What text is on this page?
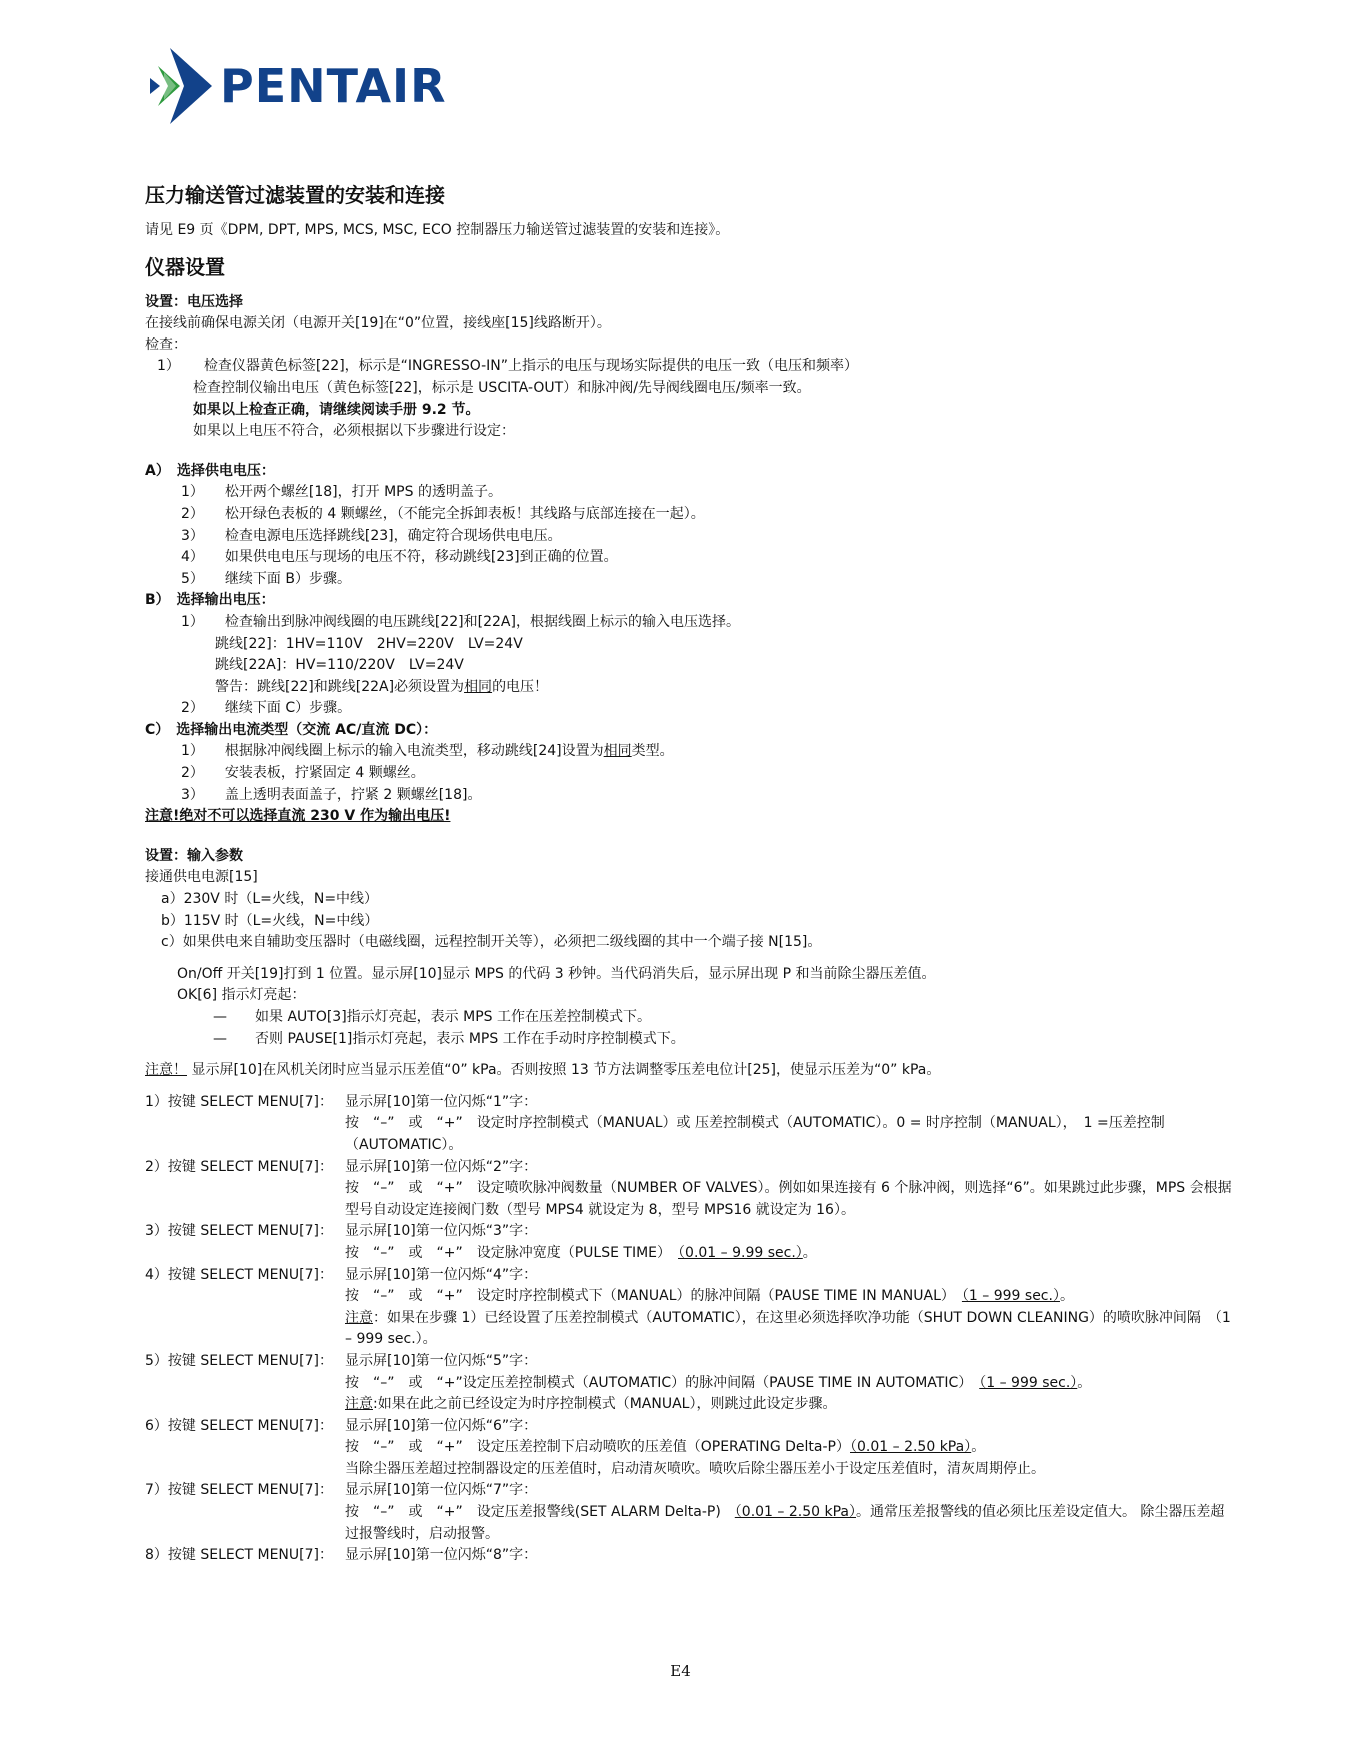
PENTAIR
压力输送管过滤装置的安装和连接
请见 E9 页《DPM, DPT, MPS, MCS, MSC, ECO 控制器压力输送管过滤装置的安装和连接》。
仪器设置
设置：电压选择
在接线前确保电源关闭（电源开关[19]在“0”位置，接线座[15]线路断开）。
检查：
1） 检查仪器黄色标签[22]，标示是“INGRESSO-IN”上指示的电压与现场实际提供的电压一致（电压和频率）
检查控制仪输出电压（黄色标签[22]，标示是 USCITA-OUT）和脉冲阀/先导阀线圈电压/频率一致。
如果以上检查正确，请继续阅读手册 9.2 节。
如果以上电压不符合，必须根据以下步骤进行设定：
A）　选择供电电压：
1）　　松开两个螺丝[18]，打开 MPS 的透明盖子。
2）　　松开绿色表板的 4 颗螺丝，（不能完全拆卸表板！其线路与底部连接在一起）。
3）　　检查电源电压选择跳线[23]，确定符合现场供电电压。
4）　　如果供电电压与现场的电压不符，移动跳线[23]到正确的位置。
5）　　继续下面 B）步骤。
B）　选择输出电压：
1）　　检查输出到脉冲阀线圈的电压跳线[22]和[22A]，根据线圈上标示的输入电压选择。
跳线[22]：1HV=110V　2HV=220V　LV=24V
跳线[22A]：HV=110/220V　LV=24V
警告：跳线[22]和跳线[22A]必须设置为相同的电压！
2）　　继续下面 C）步骤。
C）　选择输出电流类型（交流 AC/直流 DC）：
1）　　根据脉冲阀线圈上标示的输入电流类型，移动跳线[24]设置为相同类型。
2）　　安装表板，拧紧固定 4 颗螺丝。
3）　　盖上透明表面盖子，拧紧 2 颗螺丝[18]。
注意!绝对不可以选择直流 230 V 作为输出电压!
设置：输入参数
接通供电电源[15]
a）230V 时（L=火线，N=中线）
b）115V 时（L=火线，N=中线）
c）如果供电来自辅助变压器时（电磁线圈，远程控制开关等），必须把二级线圈的其中一个端子接 N[15]。
On/Off 开关[19]打到 1 位置。显示屏[10]显示 MPS 的代码 3 秒钟。当代码消失后，显示屏出现 P 和当前除尘器压差值。
OK[6] 指示灯亮起：
—　　如果 AUTO[3]指示灯亮起，表示 MPS 工作在压差控制模式下。
—　　否则 PAUSE[1]指示灯亮起，表示 MPS 工作在手动时序控制模式下。
注意！ 显示屏[10]在风机关闭时应当显示压差值“0” kPa。否则按照 13 节方法调整零压差电位计[25]，使显示压差为“0” kPa。
1）按键 SELECT MENU[7]： 显示屏[10]第一位闪烁“1”字：
按　“–”　或　“+”　设定时序控制模式（MANUAL）或 压差控制模式（AUTOMATIC）。0 = 时序控制（MANUAL），　1 =压差控制（AUTOMATIC）。
2）按键 SELECT MENU[7]： 显示屏[10]第一位闪烁“2”字：
按　“–”　或　“+”　设定喷吹脉冲阀数量（NUMBER OF VALVES）。例如如果连接有 6 个脉冲阀，则选择“6”。如果跳过此步骤，MPS 会根据型号自动设定连接阀门数（型号 MPS4 就设定为 8，型号 MPS16 就设定为 16）。
3）按键 SELECT MENU[7]： 显示屏[10]第一位闪烁“3”字：
按　“–”　或　“+”　设定脉冲宽度（PULSE TIME）　（0.01 – 9.99 sec.）。
4）按键 SELECT MENU[7]： 显示屏[10]第一位闪烁“4”字：
按　“–”　或　“+”　设定时序控制模式下（MANUAL）的脉冲间隔（PAUSE TIME IN MANUAL）　（1 – 999 sec.）。
注意：如果在步骤 1）已经设置了压差控制模式（AUTOMATIC），在这里必须选择吹净功能（SHUT DOWN CLEANING）的喷吹脉冲间隔　（1 – 999 sec.）。
5）按键 SELECT MENU[7]： 显示屏[10]第一位闪烁“5”字：
按　“–”　或　“+”设定压差控制模式（AUTOMATIC）的脉冲间隔（PAUSE TIME IN AUTOMATIC）　（1 – 999 sec.）。
注意:如果在此之前已经设定为时序控制模式（MANUAL），则跳过此设定步骤。
6）按键 SELECT MENU[7]： 显示屏[10]第一位闪烁“6”字：
按　“–”　或　“+”　设定压差控制下启动喷吹的压差值（OPERATING Delta-P）（0.01 – 2.50 kPa）。
当除尘器压差超过控制器设定的压差值时，启动清灰喷吹。喷吹后除尘器压差小于设定压差值时，清灰周期停止。
7）按键 SELECT MENU[7]： 显示屏[10]第一位闪烁“7”字：
按　“–”　或　“+”　设定压差报警线(SET ALARM Delta-P)　（0.01 – 2.50 kPa）。通常压差报警线的值必须比压差设定值大。 除尘器压差超过报警线时，启动报警。
8）按键 SELECT MENU[7]： 显示屏[10]第一位闪烁“8”字：
E4
